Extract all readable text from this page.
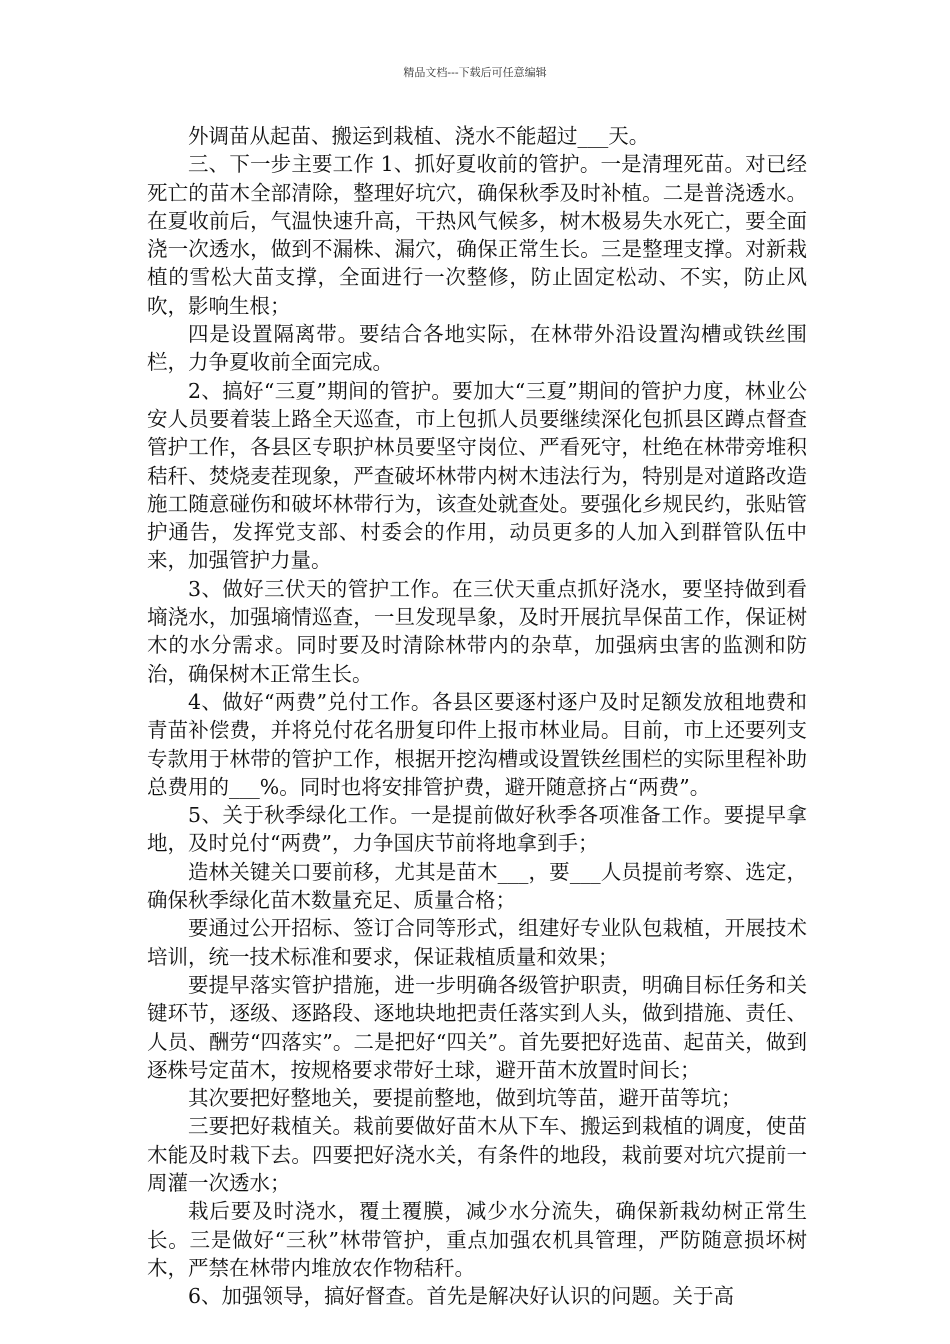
精品文档---下载后可任意编辑

外调苗从起苗、搬运到栽植、浇水不能超过___天。

三、下一步主要工作 1、抓好夏收前的管护。一是清理死苗。对已经死亡的苗木全部清除，整理好坑穴，确保秋季及时补植。二是普浇透水。在夏收前后，气温快速升高，干热风气候多，树木极易失水死亡，要全面浇一次透水，做到不漏株、漏穴，确保正常生长。三是整理支撑。对新栽植的雪松大苗支撑，全面进行一次整修，防止固定松动、不实，防止风吹，影响生根；

四是设置隔离带。要结合各地实际，在林带外沿设置沟槽或铁丝围栏，力争夏收前全面完成。

2、搞好“三夏”期间的管护。要加大“三夏”期间的管护力度，林业公安人员要着装上路全天巡查，市上包抓人员要继续深化包抓县区蹲点督查管护工作，各县区专职护林员要坚守岗位、严看死守，杜绝在林带旁堆积秸秆、焚烧麦茬现象，严查破坏林带内树木违法行为，特别是对道路改造施工随意碰伤和破坏林带行为，该查处就查处。要强化乡规民约，张贴管护通告，发挥党支部、村委会的作用，动员更多的人加入到群管队伍中来，加强管护力量。

3、做好三伏天的管护工作。在三伏天重点抓好浇水，要坚持做到看墒浇水，加强墒情巡查，一旦发现旱象，及时开展抗旱保苗工作，保证树木的水分需求。同时要及时清除林带内的杂草，加强病虫害的监测和防治，确保树木正常生长。

4、做好“两费”兑付工作。各县区要逐村逐户及时足额发放租地费和青苗补偿费，并将兑付花名册复印件上报市林业局。目前，市上还要列支专款用于林带的管护工作，根据开挖沟槽或设置铁丝围栏的实际里程补助总费用的___%。同时也将安排管护费，避开随意挤占“两费”。

5、关于秋季绿化工作。一是提前做好秋季各项准备工作。要提早拿地，及时兑付“两费”，力争国庆节前将地拿到手；

造林关键关口要前移，尤其是苗木___，要___人员提前考察、选定，确保秋季绿化苗木数量充足、质量合格；

要通过公开招标、签订合同等形式，组建好专业队包栽植，开展技术培训，统一技术标准和要求，保证栽植质量和效果；

要提早落实管护措施，进一步明确各级管护职责，明确目标任务和关键环节，逐级、逐路段、逐地块地把责任落实到人头，做到措施、责任、人员、酬劳“四落实”。二是把好“四关”。首先要把好选苗、起苗关，做到逐株号定苗木，按规格要求带好土球，避开苗木放置时间长；

其次要把好整地关，要提前整地，做到坑等苗，避开苗等坑；

三要把好栽植关。栽前要做好苗木从下车、搬运到栽植的调度，使苗木能及时栽下去。四要把好浇水关，有条件的地段，栽前要对坑穴提前一周灌一次透水；

栽后要及时浇水，覆土覆膜，减少水分流失，确保新栽幼树正常生长。三是做好“三秋”林带管护，重点加强农机具管理，严防随意损坏树木，严禁在林带内堆放农作物秸秆。

6、加强领导，搞好督查。首先是解决好认识的问题。关于高
